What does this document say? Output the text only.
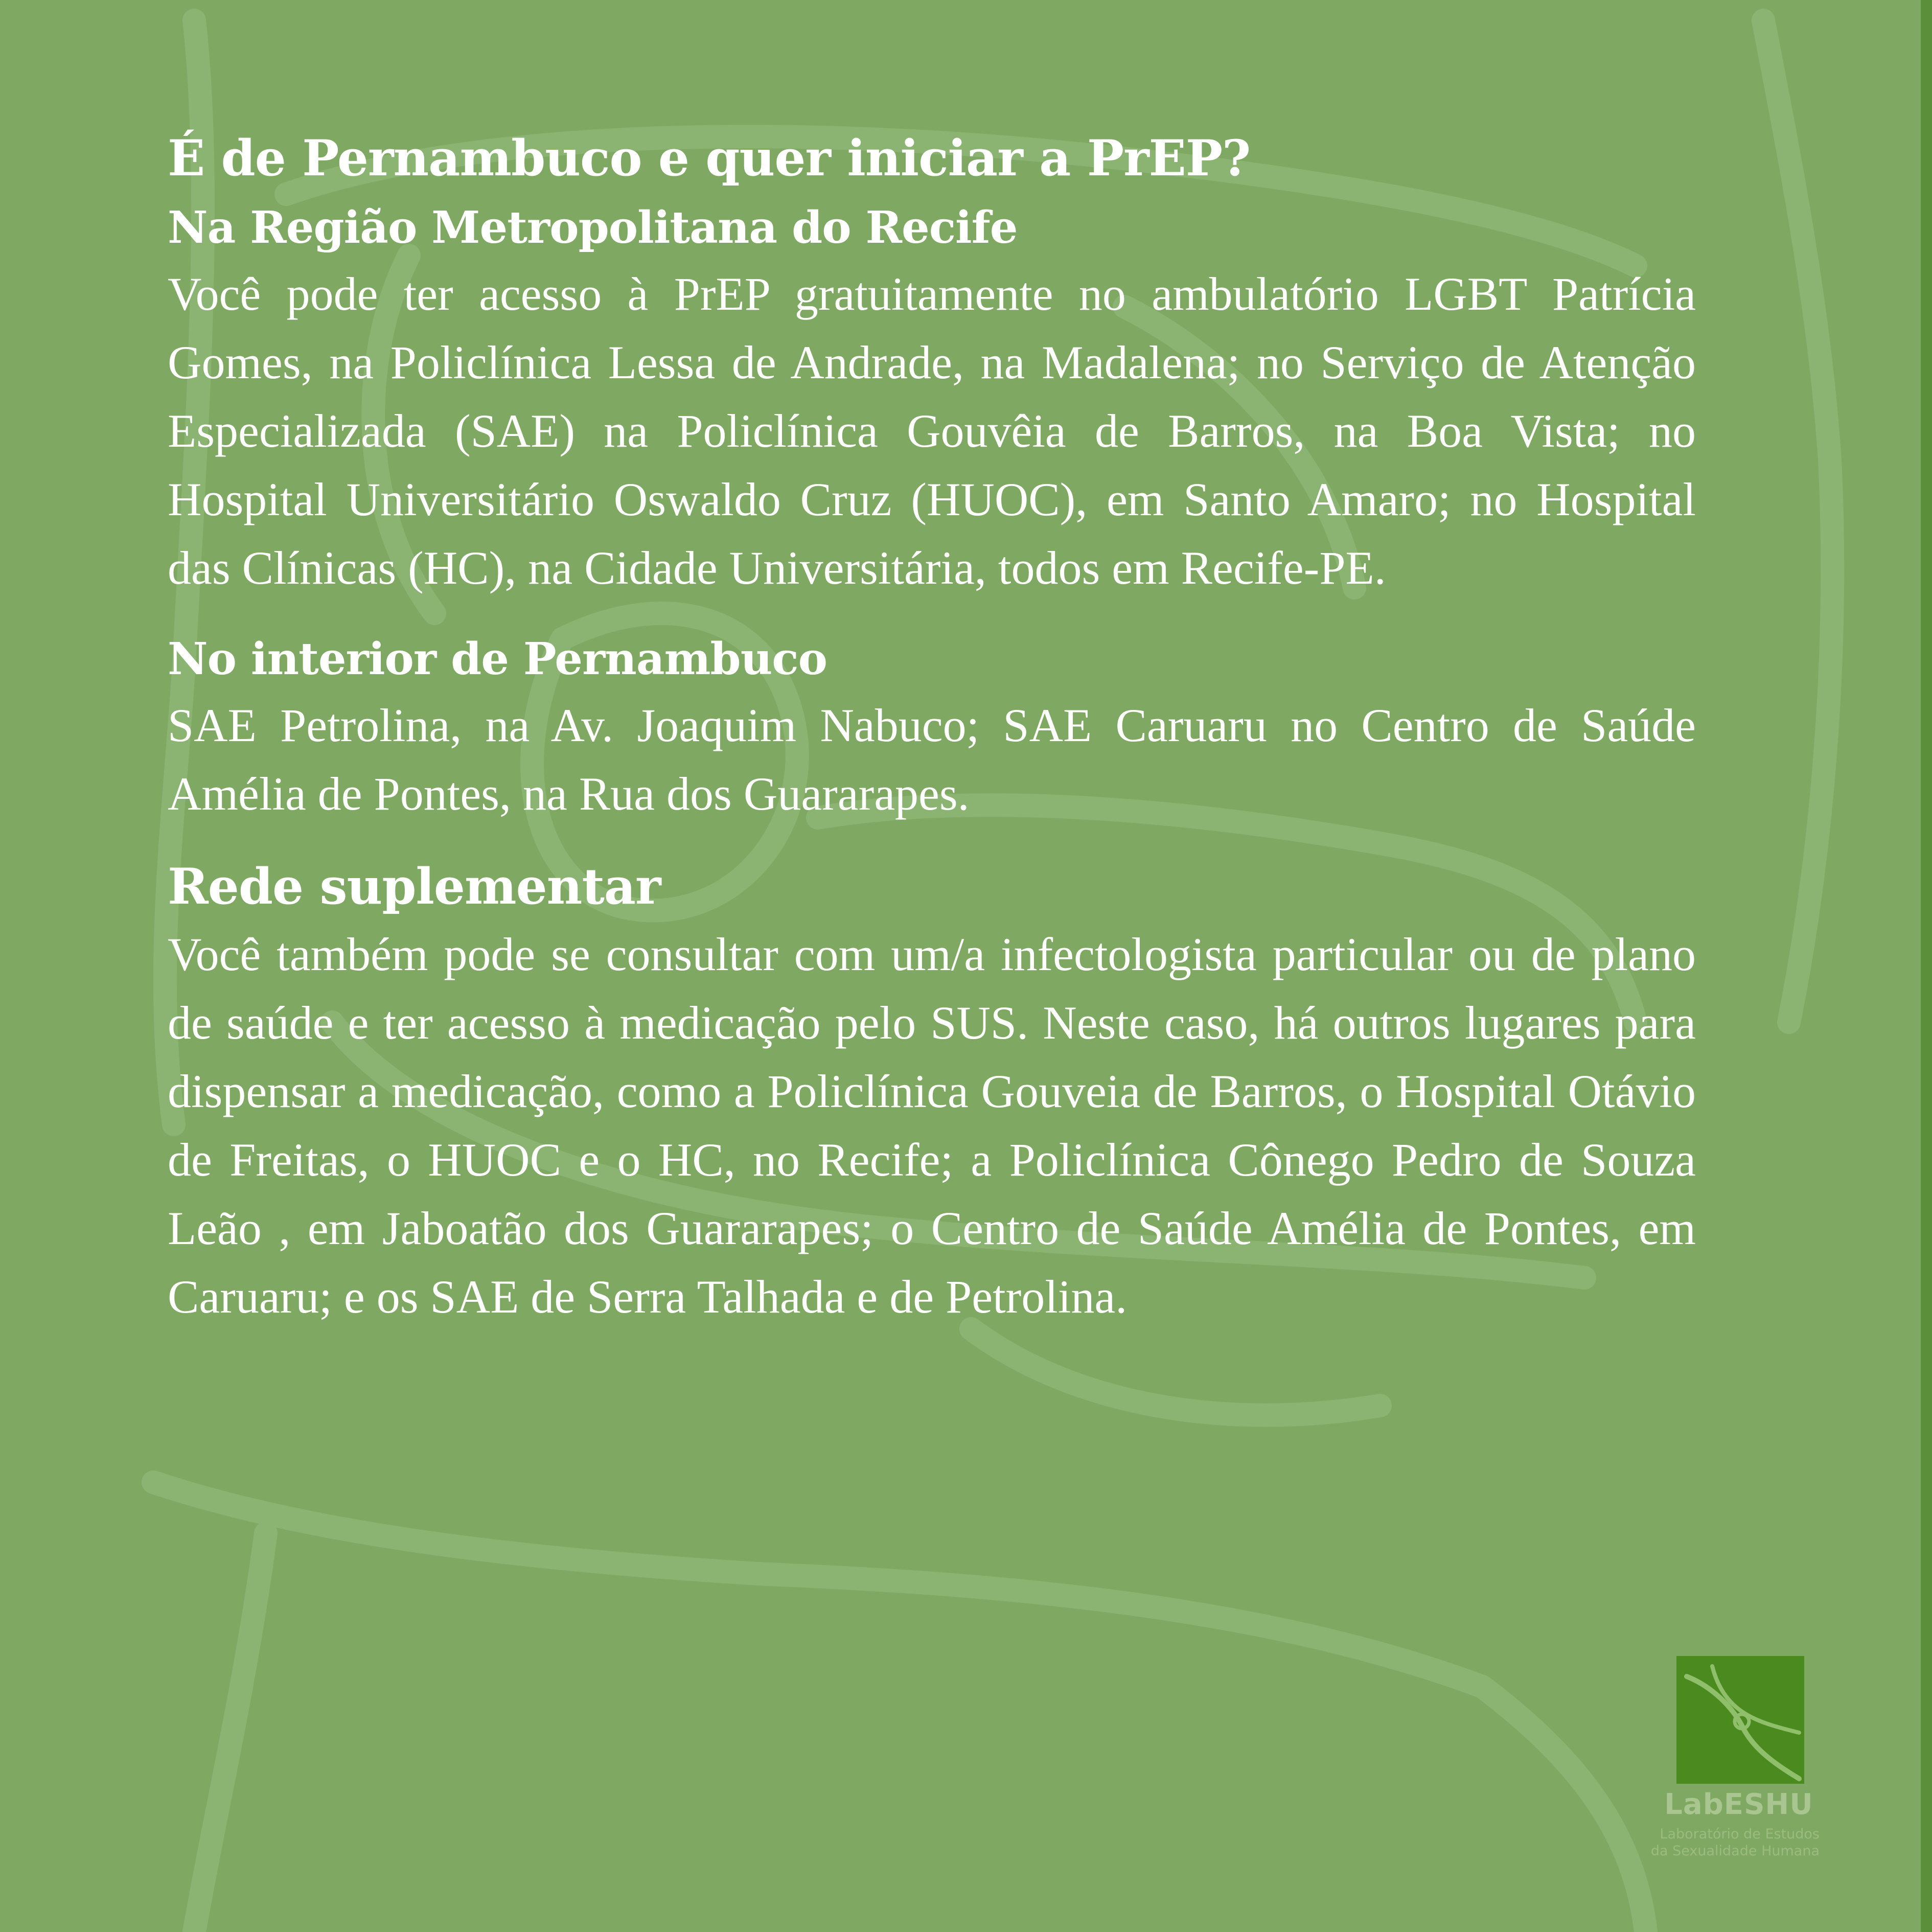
É de Pernambuco e quer iniciar a PrEP?
Na Região Metropolitana do Recife

Você pode ter acesso à PrEP gratuitamente no ambulatório LGBT Patrícia Gomes, na Policlínica Lessa de Andrade, na Madalena; no Serviço de Atenção Especializada (SAE) na Policlínica Gouvêia de Barros, na Boa Vista; no Hospital Universitário Oswaldo Cruz (HUOC), em Santo Amaro; no Hospital das Clínicas (HC), na Cidade Universitária, todos em Recife-PE.

No interior de Pernambuco

SAE Petrolina, na Av. Joaquim Nabuco; SAE Caruaru no Centro de Saúde Amélia de Pontes, na Rua dos Guararapes.

Rede suplementar

Você também pode se consultar com um/a infectologista particular ou de plano de saúde e ter acesso à medicação pelo SUS. Neste caso, há outros lugares para dispensar a medicação, como a Policlínica Gouveia de Barros, o Hospital Otávio de Freitas, o HUOC e o HC, no Recife; a Policlínica Cônego Pedro de Souza Leão , em Jaboatão dos Guararapes; o Centro de Saúde Amélia de Pontes, em Caruaru; e os SAE de Serra Talhada e de Petrolina.

LabESHU
Laboratório de Estudos
da Sexualidade Humana
